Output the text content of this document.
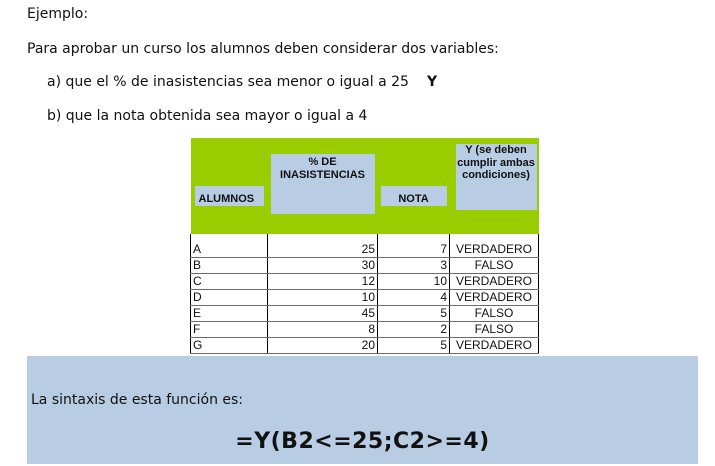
Ejemplo:
Para aprobar un curso los alumnos deben considerar dos variables:
a) que el % de inasistencias sea menor o igual a 25 Y
b) que la nota obtenida sea mayor o igual a 4
ALUMNOS	% DE INASISTENCIAS	NOTA	Y (se deben cumplir ambas condiciones)

A	25	7	VERDADERO
B	30	3	FALSO
C	12	10	VERDADERO
D	10	4	VERDADERO
E	45	5	FALSO
F	8	2	FALSO
G	20	5	VERDADERO
La sintaxis de esta función es:
=Y(B2<=25;C2>=4)
